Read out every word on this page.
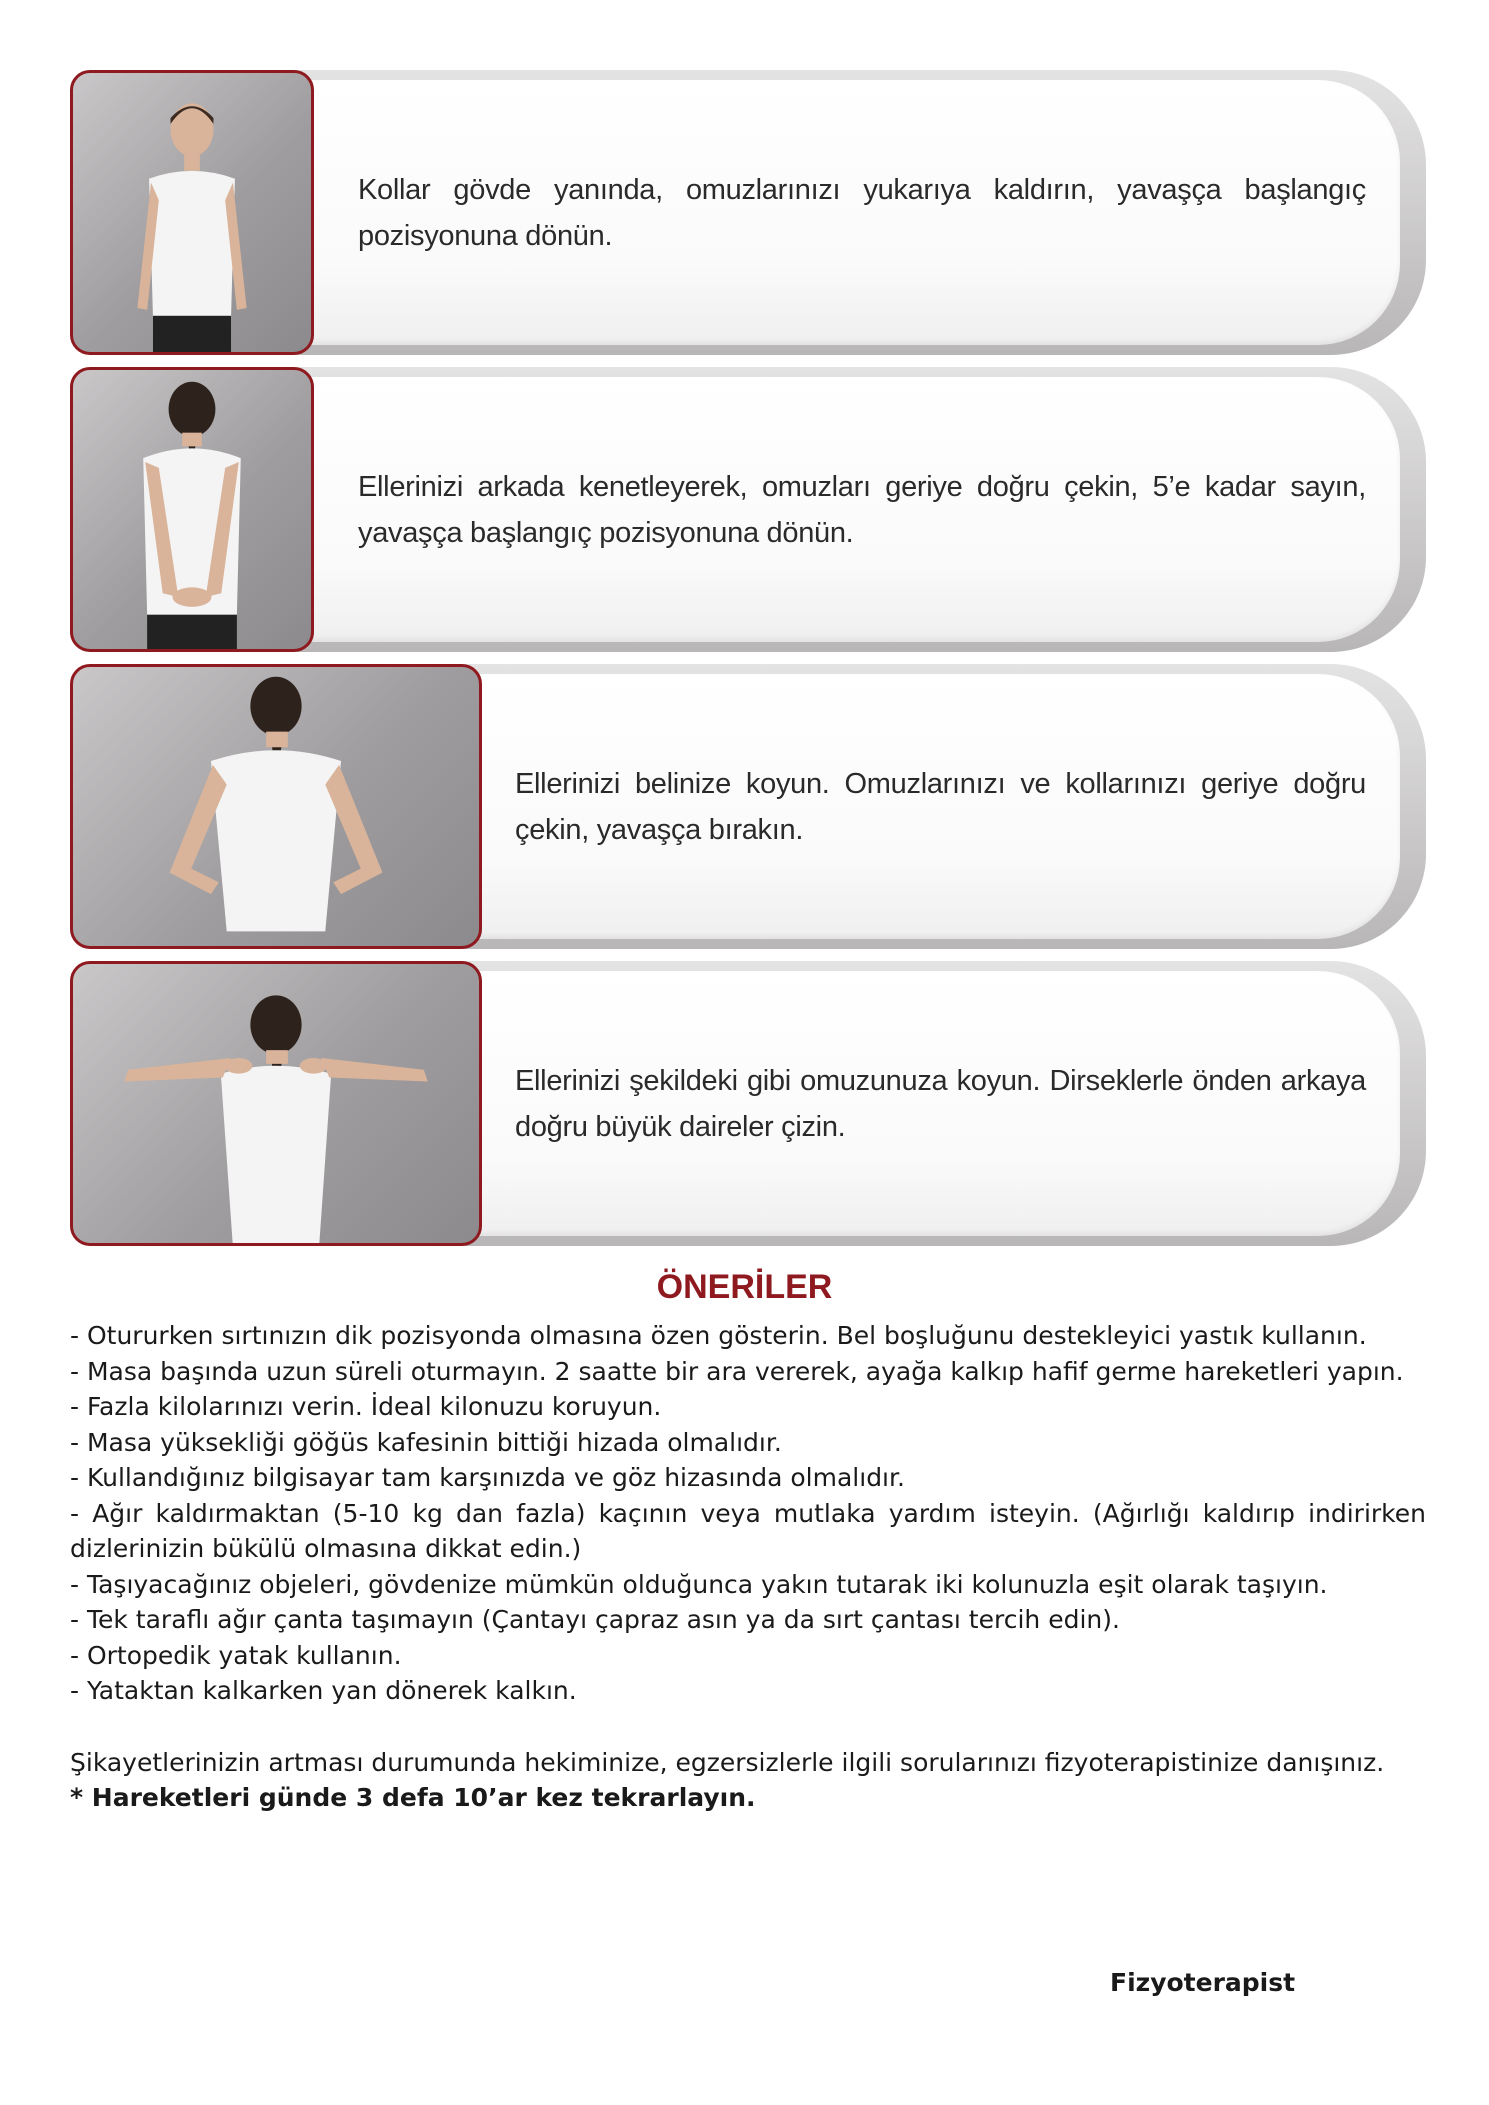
Kollar gövde yanında, omuzlarınızı yukarıya kaldırın, yavaşça başlangıç pozisyonuna dönün.
Ellerinizi arkada kenetleyerek, omuzları geriye doğru çekin, 5’e kadar sayın, yavaşça başlangıç pozisyonuna dönün.
Ellerinizi belinize koyun. Omuzlarınızı ve kollarınızı geriye doğru çekin, yavaşça bırakın.
Ellerinizi şekildeki gibi omuzunuza koyun. Dirseklerle önden arkaya doğru büyük daireler çizin.
ÖNERİLER

- Otururken sırtınızın dik pozisyonda olmasına özen gösterin. Bel boşluğunu destekleyici yastık kullanın.

- Masa başında uzun süreli oturmayın. 2 saatte bir ara vererek, ayağa kalkıp hafif germe hareketleri yapın.

- Fazla kilolarınızı verin. İdeal kilonuzu koruyun.

- Masa yüksekliği göğüs kafesinin bittiği hizada olmalıdır.

- Kullandığınız bilgisayar tam karşınızda ve göz hizasında olmalıdır.

- Ağır kaldırmaktan (5-10 kg dan fazla) kaçının veya mutlaka yardım isteyin. (Ağırlığı kaldırıp indirirken dizlerinizin bükülü olmasına dikkat edin.)

- Taşıyacağınız objeleri, gövdenize mümkün olduğunca yakın tutarak iki kolunuzla eşit olarak taşıyın.

- Tek taraflı ağır çanta taşımayın (Çantayı çapraz asın ya da sırt çantası tercih edin).

- Ortopedik yatak kullanın.

- Yataktan kalkarken yan dönerek kalkın.

Şikayetlerinizin artması durumunda hekiminize, egzersizlerle ilgili sorularınızı fizyoterapistinize danışınız.

* Hareketleri günde 3 defa 10’ar kez tekrarlayın.

Fizyoterapist
